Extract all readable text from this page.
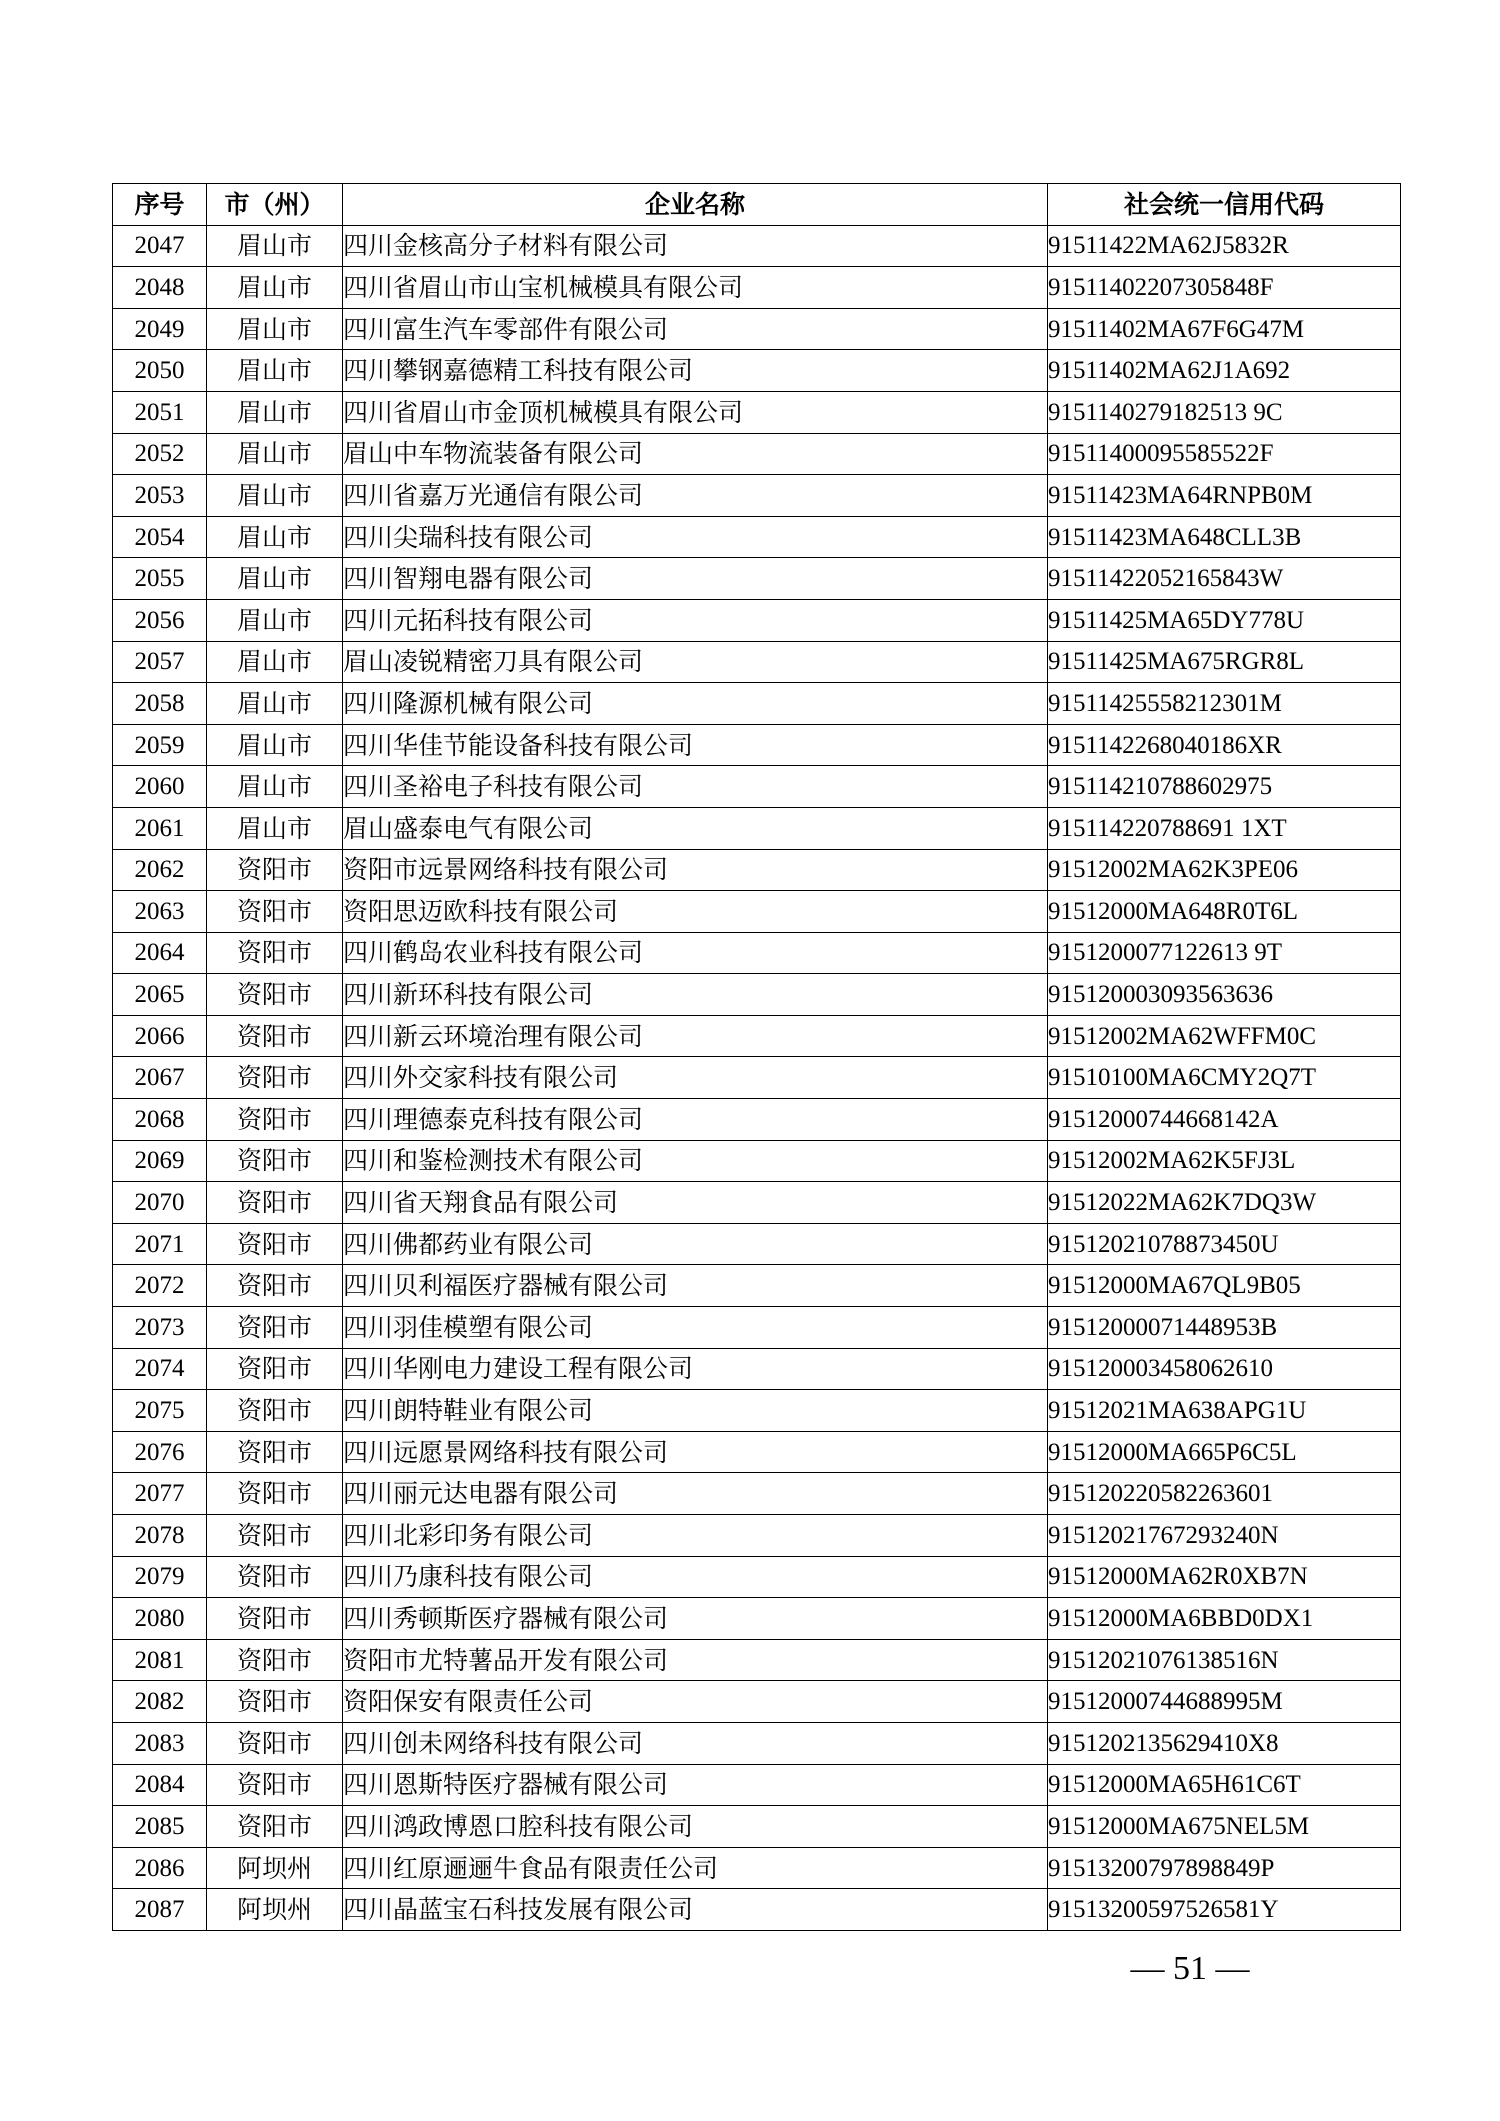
序号	市（州）	企业名称	社会统一信用代码
2047	眉山市	四川金核高分子材料有限公司	91511422MA62J5832R
2048	眉山市	四川省眉山市山宝机械模具有限公司	91511402207305848F
2049	眉山市	四川富生汽车零部件有限公司	91511402MA67F6G47M
2050	眉山市	四川攀钢嘉德精工科技有限公司	91511402MA62J1A692
2051	眉山市	四川省眉山市金顶机械模具有限公司	9151140279182513 9C
2052	眉山市	眉山中车物流装备有限公司	91511400095585522F
2053	眉山市	四川省嘉万光通信有限公司	91511423MA64RNPB0M
2054	眉山市	四川尖瑞科技有限公司	91511423MA648CLL3B
2055	眉山市	四川智翔电器有限公司	91511422052165843W
2056	眉山市	四川元拓科技有限公司	91511425MA65DY778U
2057	眉山市	眉山凌锐精密刀具有限公司	91511425MA675RGR8L
2058	眉山市	四川隆源机械有限公司	91511425558212301M
2059	眉山市	四川华佳节能设备科技有限公司	9151142268040186XR
2060	眉山市	四川圣裕电子科技有限公司	915114210788602975
2061	眉山市	眉山盛泰电气有限公司	915114220788691 1XT
2062	资阳市	资阳市远景网络科技有限公司	91512002MA62K3PE06
2063	资阳市	资阳思迈欧科技有限公司	91512000MA648R0T6L
2064	资阳市	四川鹤岛农业科技有限公司	9151200077122613 9T
2065	资阳市	四川新环科技有限公司	915120003093563636
2066	资阳市	四川新云环境治理有限公司	91512002MA62WFFM0C
2067	资阳市	四川外交家科技有限公司	91510100MA6CMY2Q7T
2068	资阳市	四川理德泰克科技有限公司	91512000744668142A
2069	资阳市	四川和鉴检测技术有限公司	91512002MA62K5FJ3L
2070	资阳市	四川省天翔食品有限公司	91512022MA62K7DQ3W
2071	资阳市	四川佛都药业有限公司	91512021078873450U
2072	资阳市	四川贝利福医疗器械有限公司	91512000MA67QL9B05
2073	资阳市	四川羽佳模塑有限公司	91512000071448953B
2074	资阳市	四川华刚电力建设工程有限公司	915120003458062610
2075	资阳市	四川朗特鞋业有限公司	91512021MA638APG1U
2076	资阳市	四川远愿景网络科技有限公司	91512000MA665P6C5L
2077	资阳市	四川丽元达电器有限公司	915120220582263601
2078	资阳市	四川北彩印务有限公司	91512021767293240N
2079	资阳市	四川乃康科技有限公司	91512000MA62R0XB7N
2080	资阳市	四川秀顿斯医疗器械有限公司	91512000MA6BBD0DX1
2081	资阳市	资阳市尤特薯品开发有限公司	91512021076138516N
2082	资阳市	资阳保安有限责任公司	91512000744688995M
2083	资阳市	四川创未网络科技有限公司	9151202135629410X8
2084	资阳市	四川恩斯特医疗器械有限公司	91512000MA65H61C6T
2085	资阳市	四川鸿政博恩口腔科技有限公司	91512000MA675NEL5M
2086	阿坝州	四川红原逦逦牛食品有限责任公司	91513200797898849P
2087	阿坝州	四川晶蓝宝石科技发展有限公司	91513200597526581Y
— 51 —
